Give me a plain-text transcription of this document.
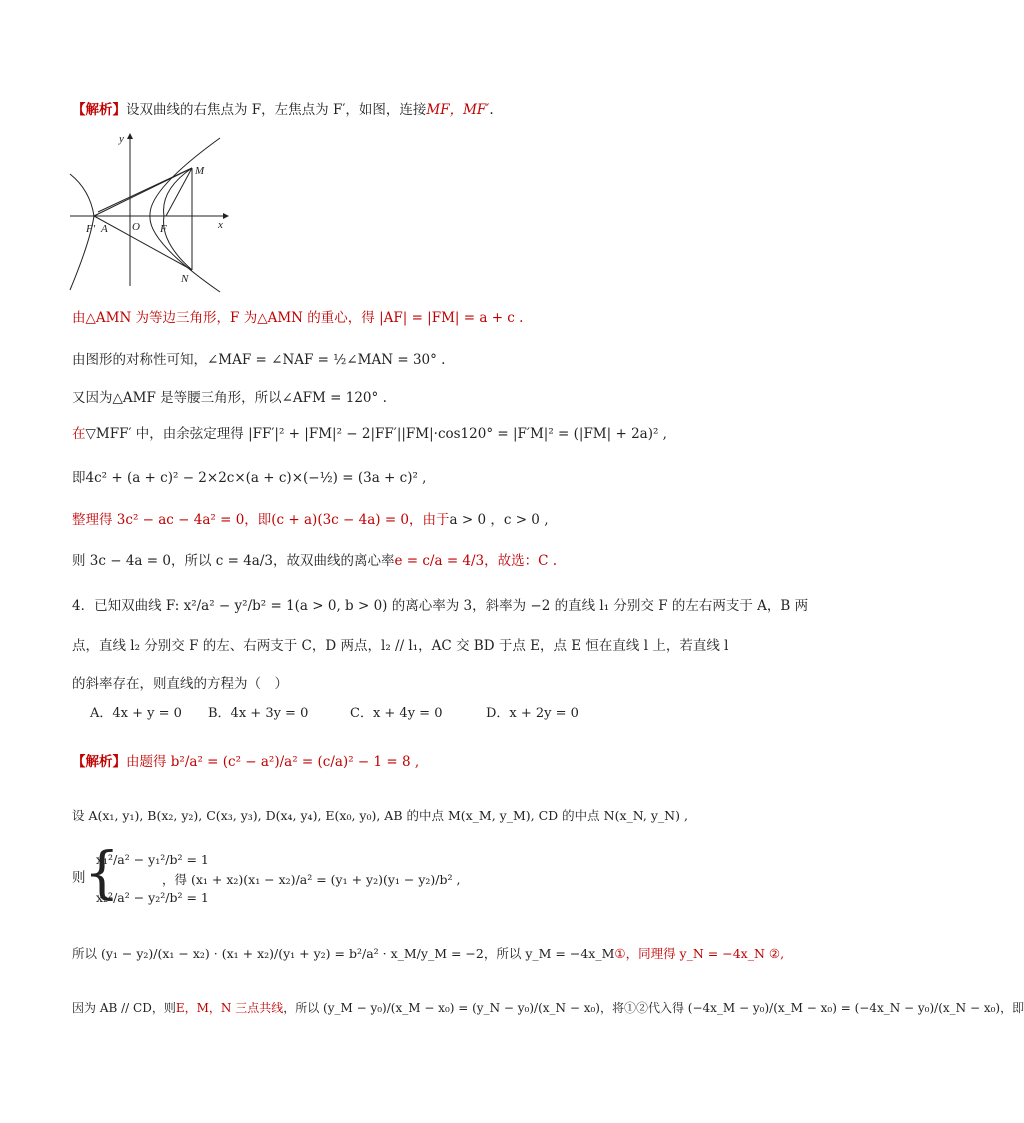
【解析】设双曲线的右焦点为 F，左焦点为 F′，如图，连接MF，MF′.
y
x
O
M
N
F′ A	F
由△AMN 为等边三角形，F 为△AMN 的重心，得 |AF| = |FM| = a + c .
由图形的对称性可知，∠MAF = ∠NAF = ½∠MAN = 30° .
又因为△AMF 是等腰三角形，所以∠AFM = 120° .
在▽MFF′ 中，由余弦定理得 |FF′|² + |FM|² − 2|FF′||FM|·cos120° = |F′M|² = (|FM| + 2a)² ,
即4c² + (a + c)² − 2×2c×(a + c)×(−½) = (3a + c)² ,
整理得 3c² − ac − 4a² = 0，即(c + a)(3c − 4a) = 0，由于a > 0 ，c > 0 ,
则 3c − 4a = 0，所以 c = 4a/3，故双曲线的离心率e = c/a = 4/3，故选：C .
4．已知双曲线 F: x²/a² − y²/b² = 1(a > 0, b > 0) 的离心率为 3，斜率为 −2 的直线 l₁ 分别交 F 的左右两支于 A，B 两
点，直线 l₂ 分别交 F 的左、右两支于 C，D 两点，l₂ // l₁，AC 交 BD 于点 E，点 E 恒在直线 l 上，若直线 l
的斜率存在，则直线的方程为（　）
A．4x + y = 0 B．4x + 3y = 0	C．x + 4y = 0	D．x + 2y = 0
【解析】由题得 b²/a² = (c² − a²)/a² = (c/a)² − 1 = 8 ,
设 A(x₁, y₁), B(x₂, y₂), C(x₃, y₃), D(x₄, y₄), E(x₀, y₀), AB 的中点 M(x_M, y_M), CD 的中点 N(x_N, y_N) ,
则
{
x₁²/a² − y₁²/b² = 1
x₂²/a² − y₂²/b² = 1
，得 (x₁ + x₂)(x₁ − x₂)/a² = (y₁ + y₂)(y₁ − y₂)/b² ,
所以 (y₁ − y₂)/(x₁ − x₂) · (x₁ + x₂)/(y₁ + y₂) = b²/a² · x_M/y_M = −2，所以 y_M = −4x_M①，同理得 y_N = −4x_N ②,
因为 AB // CD，则E，M，N 三点共线，所以 (y_M − y₀)/(x_M − x₀) = (y_N − y₀)/(x_N − x₀)，将①②代入得 (−4x_M − y₀)/(x_M − x₀) = (−4x_N − y₀)/(x_N − x₀)，即
